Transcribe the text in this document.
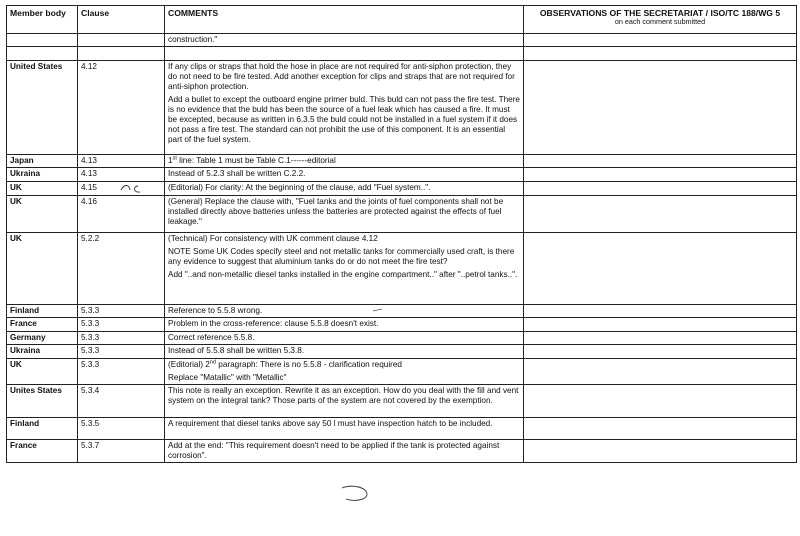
Member body	Clause	COMMENTS	OBSERVATIONS OF THE SECRETARIAT / ISO/TC 188/WG 5
on each comment submitted

		construction."	

United States	4.12	If any clips or straps that hold the hose in place are not required for anti-siphon protection, they do not need to be fire tested. Add another exception for clips and straps that are not required for anti-siphon protection.

Add a bullet to except the outboard engine primer buld. This buld can not pass the fire test. There is no evidence that the buld has been the source of a fuel leak which has caused a fire. It must be excepted, because as written in 6.3.5 the buld could not be installed in a fuel system if it does not pass a fire test. The standard can not prohibit the use of this component. It is an essential part of the fuel system.	

Japan	4.13	1st line: Table 1 must be Table C.1------editorial	

Ukraina	4.13	Instead of 5.2.3 shall be written C.2.2.	

UK	4.15	(Editorial) For clarity: At the beginning of the clause, add "Fuel system..".	

UK	4.16	(General) Replace the clause with, "Fuel tanks and the joints of fuel components shall not be installed directly above batteries unless the batteries are protected against the effects of fuel leakage."	

UK	5.2.2	(Technical) For consistency with UK comment clause 4.12

NOTE Some UK Codes specify steel and not metallic tanks for commercially used craft, is there any evidence to suggest that aluminium tanks do or do not meet the fire test?

Add "..and non-metallic diesel tanks installed in the engine compartment.." after "..petrol tanks..".	

Finland	5.3.3	Reference to 5.5.8 wrong.	

France	5.3.3	Problem in the cross-reference: clause 5.5.8 doesn't exist.	

Germany	5.3.3	Correct reference 5.5.8.	

Ukraina	5.3.3	Instead of 5.5.8 shall be written 5.3.8.	

UK	5.3.3	(Editorial) 2nd paragraph: There is no 5.5.8 - clarification required

Replace "Matallic" with "Metallic"	

Unites States	5.3.4	This note is really an exception. Rewrite it as an exception. How do you deal with the fill and vent system on the integral tank? Those parts of the system are not covered by the exemption.	

Finland	5.3.5	A requirement that diesel tanks above say 50 l must have inspection hatch to be included.	

France	5.3.7	Add at the end: "This requirement doesn't need to be applied if the tank is protected against corrosion".	
